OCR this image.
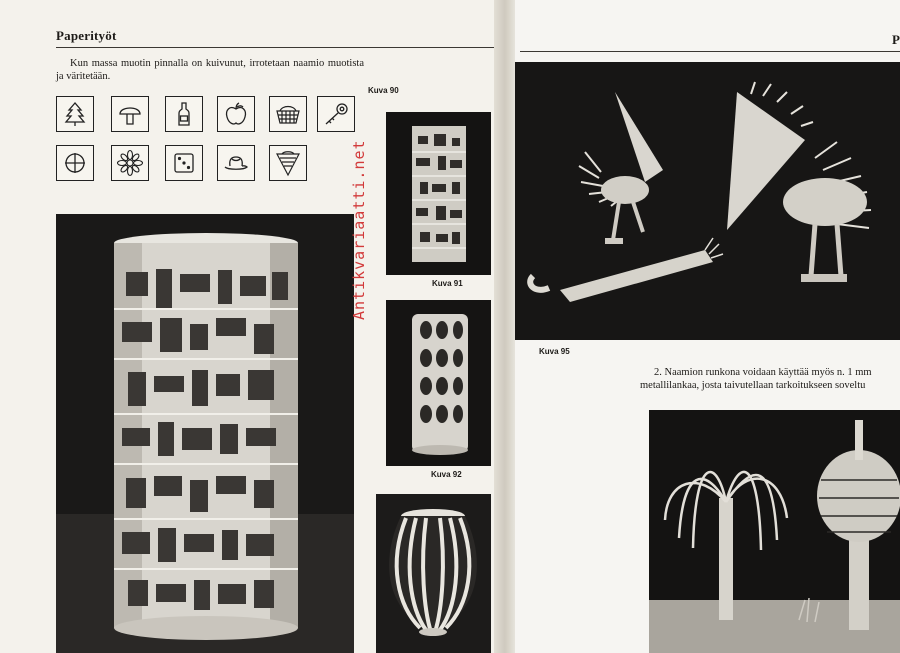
Paperityöt

Kun massa muotin pinnalla on kuivunut, irrotetaan naamio muotista ja väritetään.

Kuva 90
Kuva 91
Kuva 92
Antikvariaatti.net
P
Kuva 95

2. Naamion runkona voidaan käyttää myös n. 1 mm metallilankaa, josta taivutellaan tarkoitukseen soveltu
